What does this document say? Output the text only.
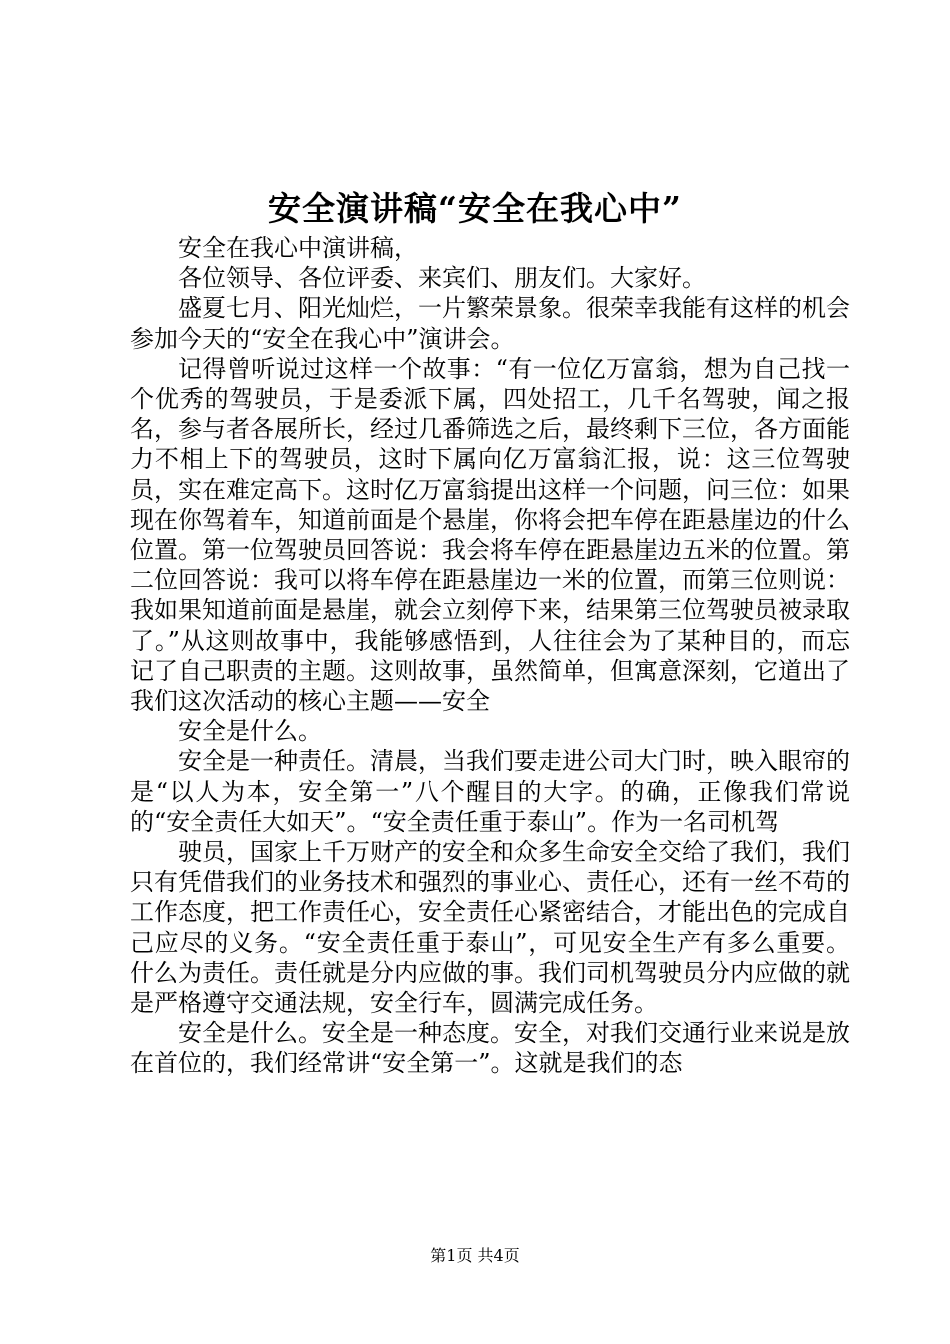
安全演讲稿“安全在我心中”

安全在我心中演讲稿，

各位领导、各位评委、来宾们、朋友们。大家好。

盛夏七月、阳光灿烂，一片繁荣景象。很荣幸我能有这样的机会参加今天的“安全在我心中”演讲会。

记得曾听说过这样一个故事：“有一位亿万富翁，想为自己找一个优秀的驾驶员，于是委派下属，四处招工，几千名驾驶，闻之报名，参与者各展所长，经过几番筛选之后，最终剩下三位，各方面能力不相上下的驾驶员，这时下属向亿万富翁汇报，说：这三位驾驶员，实在难定高下。这时亿万富翁提出这样一个问题，问三位：如果现在你驾着车，知道前面是个悬崖，你将会把车停在距悬崖边的什么位置。第一位驾驶员回答说：我会将车停在距悬崖边五米的位置。第二位回答说：我可以将车停在距悬崖边一米的位置，而第三位则说：我如果知道前面是悬崖，就会立刻停下来，结果第三位驾驶员被录取了。”从这则故事中，我能够感悟到，人往往会为了某种目的，而忘记了自己职责的主题。这则故事，虽然简单，但寓意深刻，它道出了我们这次活动的核心主题——安全

安全是什么。

安全是一种责任。清晨，当我们要走进公司大门时，映入眼帘的是“以人为本，安全第一”八个醒目的大字。的确，正像我们常说的“安全责任大如天”。“安全责任重于泰山”。作为一名司机驾

驶员，国家上千万财产的安全和众多生命安全交给了我们，我们只有凭借我们的业务技术和强烈的事业心、责任心，还有一丝不苟的工作态度，把工作责任心，安全责任心紧密结合，才能出色的完成自己应尽的义务。“安全责任重于泰山”，可见安全生产有多么重要。什么为责任。责任就是分内应做的事。我们司机驾驶员分内应做的就是严格遵守交通法规，安全行车，圆满完成任务。

安全是什么。安全是一种态度。安全，对我们交通行业来说是放在首位的，我们经常讲“安全第一”。这就是我们的态

第1页 共4页
